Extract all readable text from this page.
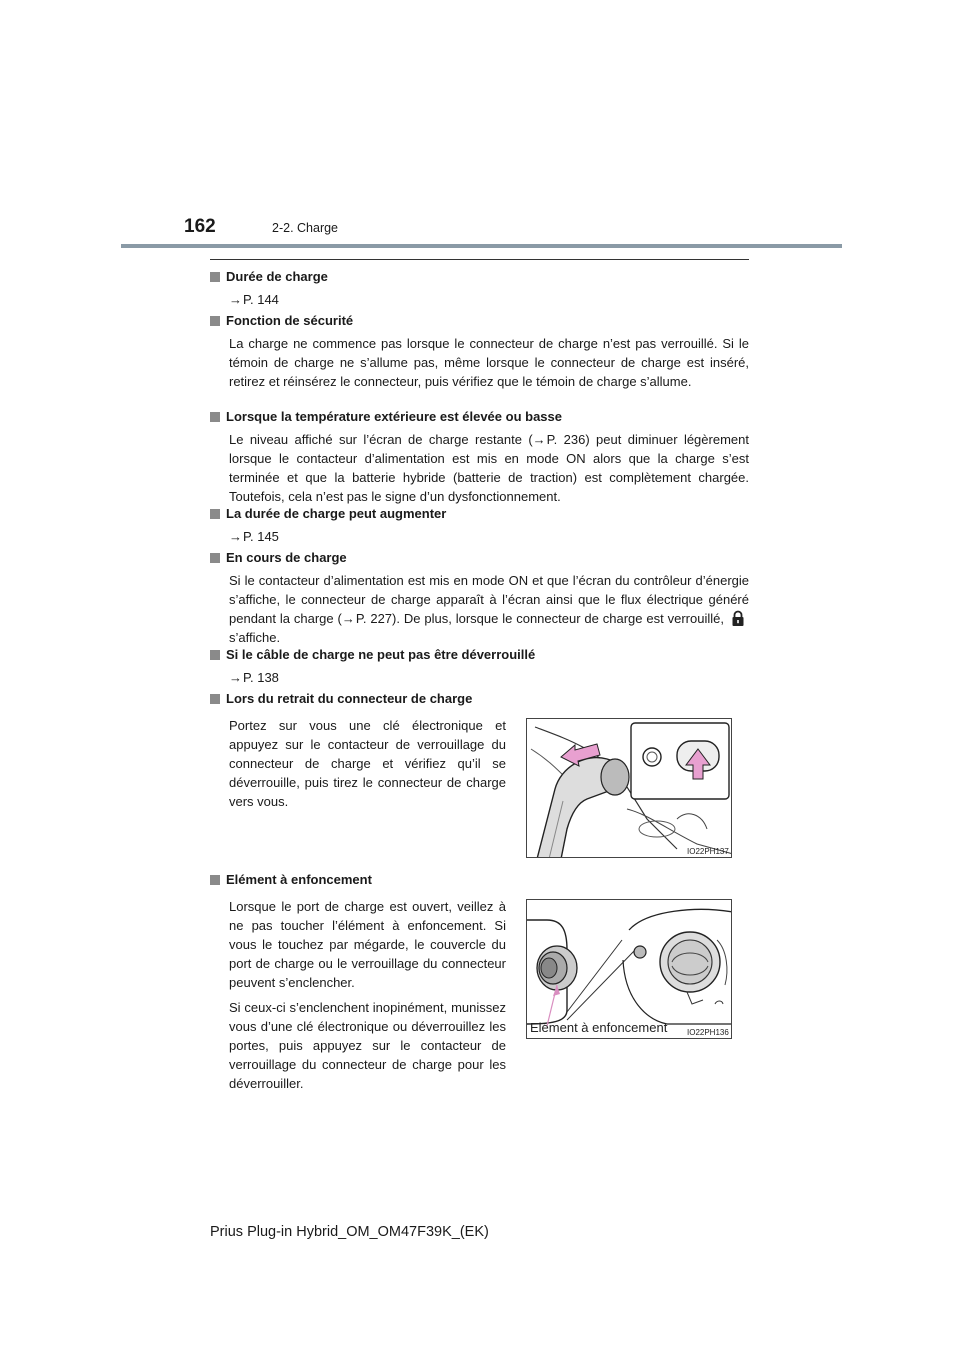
162	2-2. Charge
Durée de charge
→P. 144
Fonction de sécurité
La charge ne commence pas lorsque le connecteur de charge n’est pas verrouillé. Si le témoin de charge ne s’allume pas, même lorsque le connecteur de charge est inséré, retirez et réinsérez le connecteur, puis vérifiez que le témoin de charge s’allume.
Lorsque la température extérieure est élevée ou basse
Le niveau affiché sur l’écran de charge restante (→P. 236) peut diminuer légèrement lorsque le contacteur d’alimentation est mis en mode ON alors que la charge s’est terminée et que la batterie hybride (batterie de traction) est complètement chargée. Toutefois, cela n’est pas le signe d’un dysfonctionnement.
La durée de charge peut augmenter
→P. 145
En cours de charge
Si le contacteur d’alimentation est mis en mode ON et que l’écran du contrôleur d’énergie s’affiche, le connecteur de charge apparaît à l’écran ainsi que le flux électrique généré pendant la charge (→P. 227). De plus, lorsque le connecteur de charge est verrouillé,s’affiche.
Si le câble de charge ne peut pas être déverrouillé
→P. 138
Lors du retrait du connecteur de charge
Portez sur vous une clé électronique et appuyez sur le contacteur de verrouillage du connecteur de charge et vérifiez qu’il se déverrouille, puis tirez le connecteur de charge vers vous.
IO22PH137
Elément à enfoncement
Lorsque le port de charge est ouvert, veillez à ne pas toucher l’élément à enfoncement. Si vous le touchez par mégarde, le couvercle du port de charge ou le verrouillage du connecteur peuvent s’enclencher.
Si ceux-ci s’enclenchent inopinément, munissez vous d’une clé électronique ou déverrouillez les portes, puis appuyez sur le contacteur de verrouillage du connecteur de charge pour les déverrouiller.
Elément à enfoncement IO22PH136
Prius Plug-in Hybrid_OM_OM47F39K_(EK)
